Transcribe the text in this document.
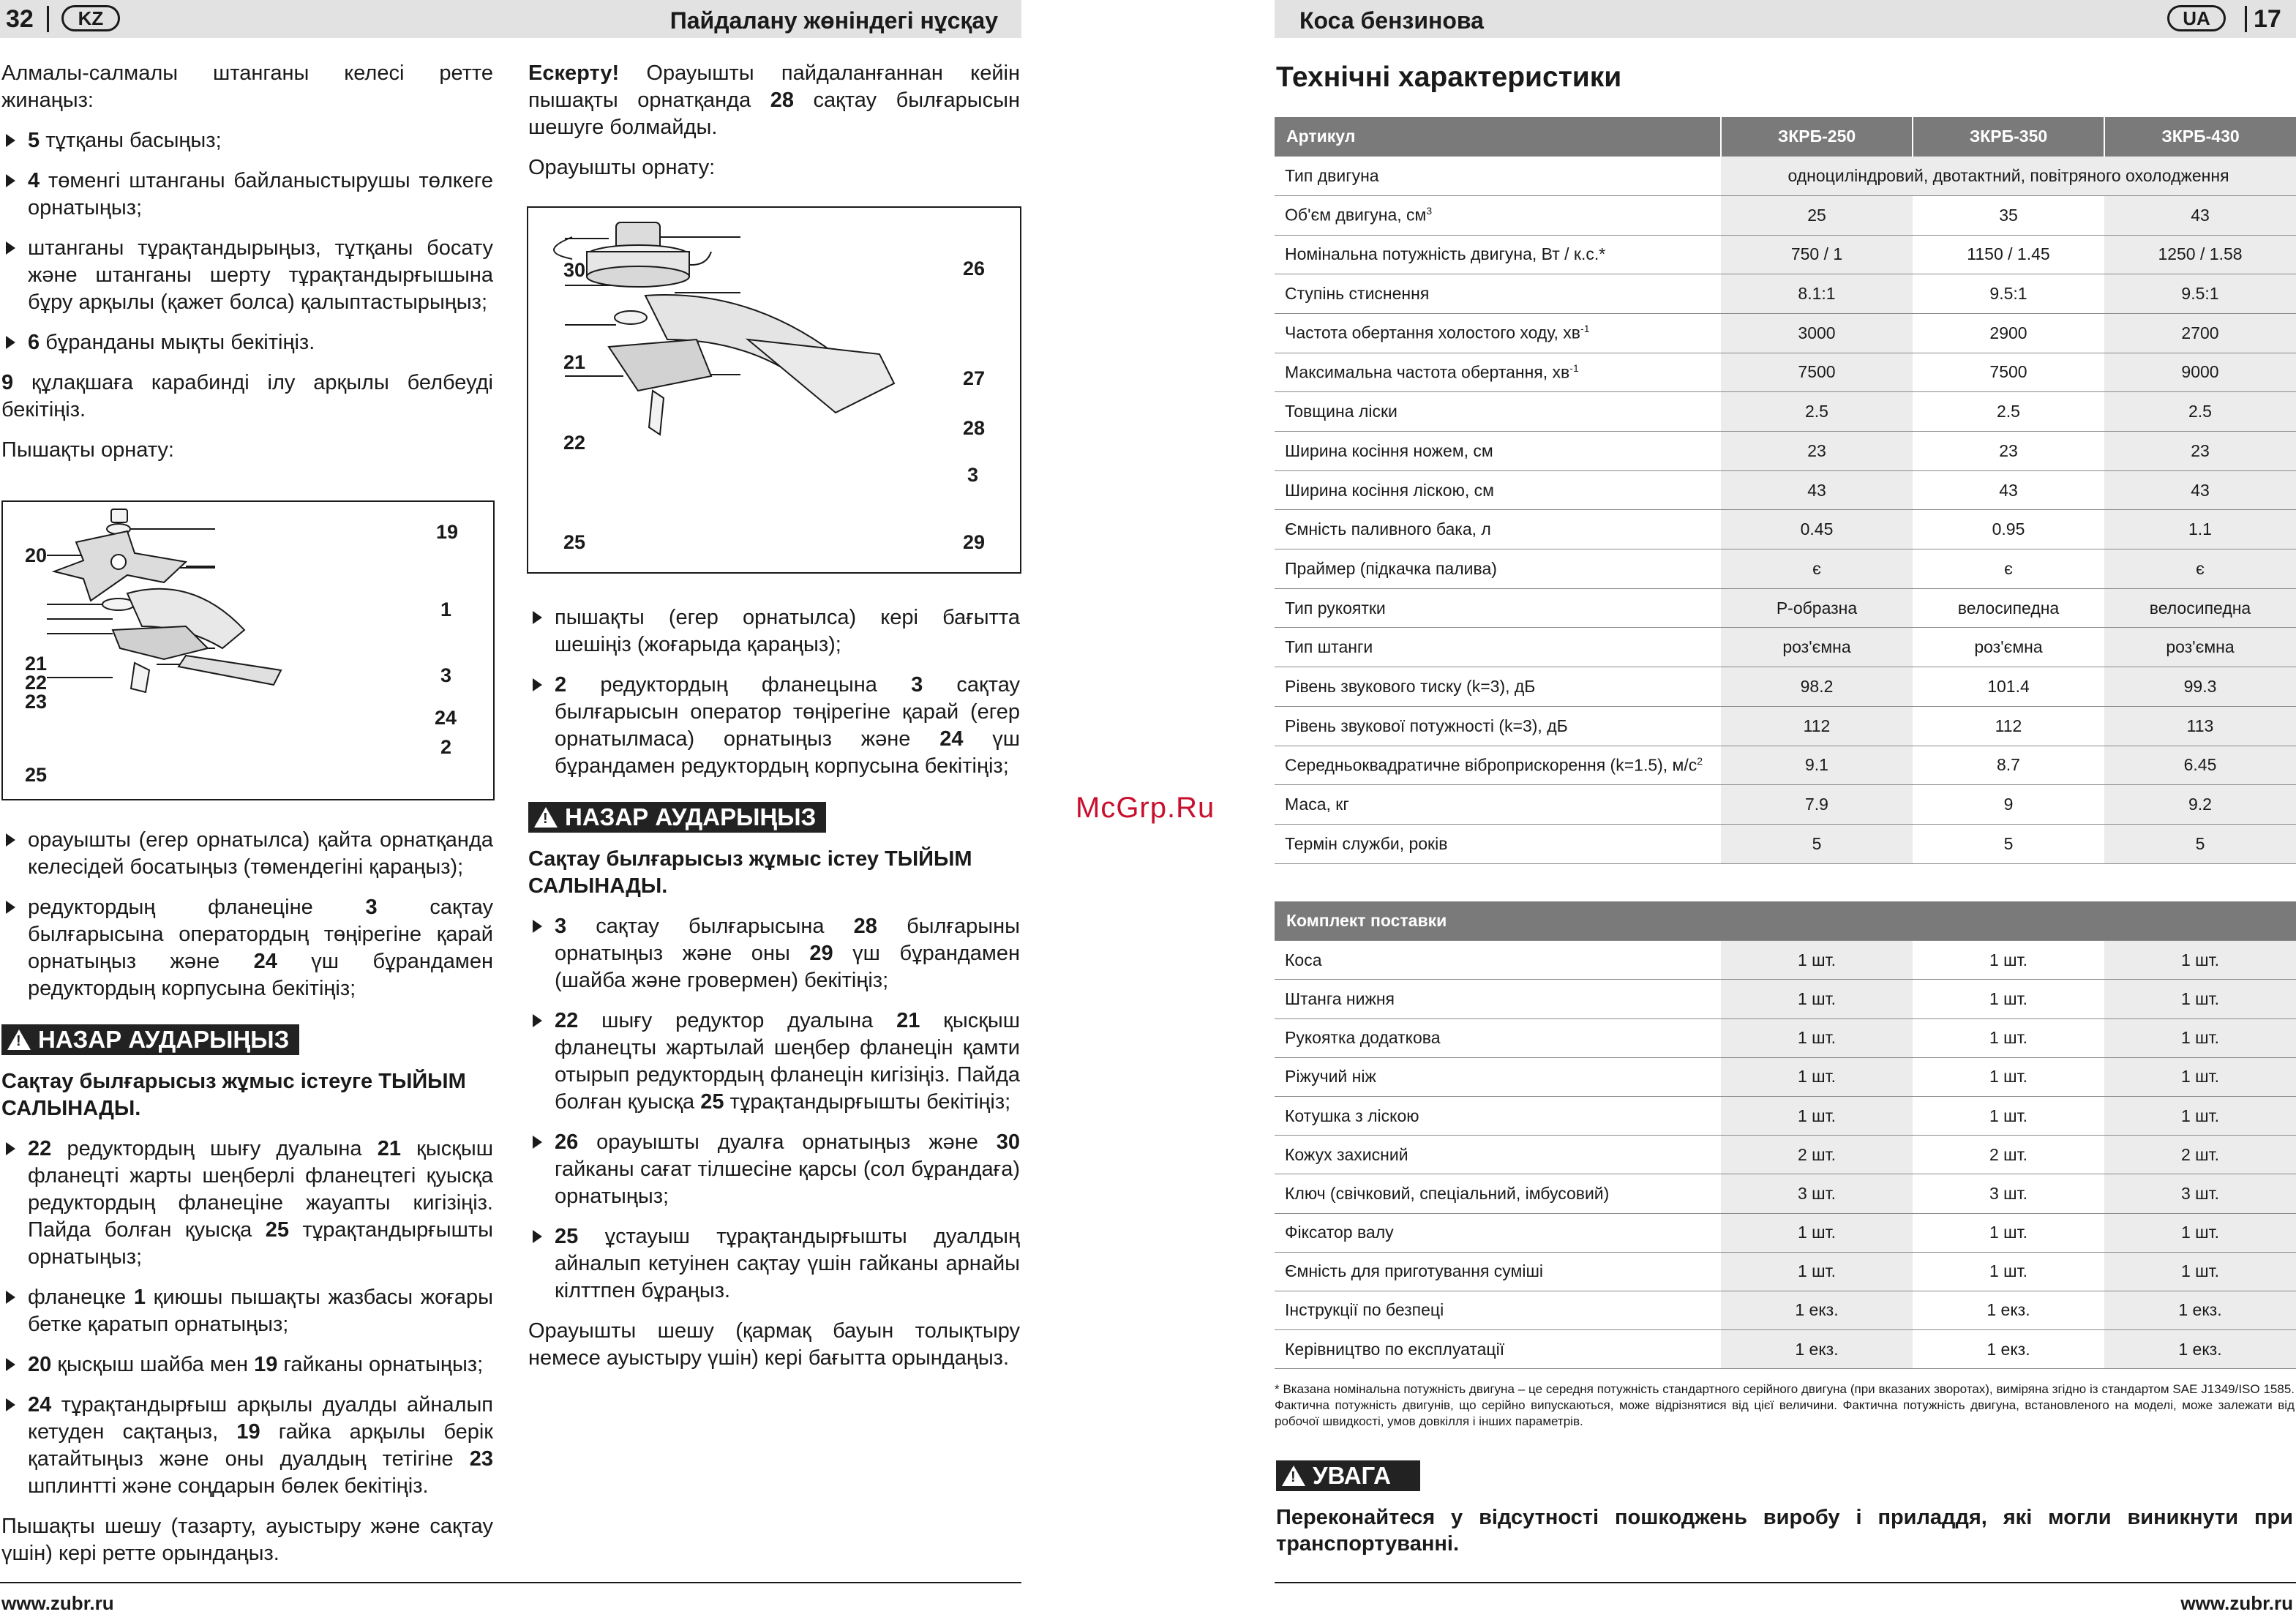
32	KZ	Пайдалану жөніндегі нұсқау

Алмалы-салмалы штанганы келесі ретте жинаңыз:

5 тұтқаны басыңыз;

4 төменгі штанганы байланыстырушы төлкеге орнатыңыз;

штанганы тұрақтандырыңыз, тұтқаны босату және штанганы шерту тұрақтандырғышына бұру арқылы (қажет болса) қалыптастырыңыз;

6 бұранданы мықты бекітіңіз.

9 құлақшаға карабинді ілу арқылы белбеуді бекітіңіз.

Пышақты орнату:

20
19
1
21
22
23
3
24
2
25

орауышты (егер орнатылса) қайта орнатқанда келесідей босатыңыз (төмендегіні қараңыз);

редуктордың фланеціне 3 сақтау былғарысына оператордың төңірегіне қарай орнатыңыз және 24 үш бұрандамен редуктордың корпусына бекітіңіз;

! НАЗАР АУДАРЫҢЫЗ

Сақтау былғарысыз жұмыс істеуге ТЫЙЫМ САЛЫНАДЫ.

22 редуктордың шығу дуалына 21 қысқыш фланецті жарты шеңберлі фланецтегі қуысқа редуктордың фланеціне жауапты кигізіңіз. Пайда болған қуысқа 25 тұрақтандырғышты орнатыңыз;

фланецке 1 қиюшы пышақты жазбасы жоғары бетке қаратып орнатыңыз;

20 қысқыш шайба мен 19 гайканы орнатыңыз;

24 тұрақтандырғыш арқылы дуалды айналып кетуден сақтаңыз, 19 гайка арқылы берік қатайтыңыз және оны дуалдың тетігіне 23 шплинтті және соңдарын бөлек бекітіңіз.

Пышақты шешу (тазарту, ауыстыру және сақтау үшін) кері ретте орындаңыз.

Ескерту! Орауышты пайдаланғаннан кейін пышақты орнатқанда 28 сақтау былғарысын шешуге болмайды.

Орауышты орнату:

30	26
21
27
22
28
3
25	29

пышақты (егер орнатылса) кері бағытта шешіңіз (жоғарыда қараңыз);

2 редуктордың фланецына 3 сақтау былғарысын оператор төңірегіне қарай (егер орнатылмаса) орнатыңыз және 24 үш бұрандамен редуктордың корпусына бекітіңіз;

! НАЗАР АУДАРЫҢЫЗ

Сақтау былғарысыз жұмыс істеу ТЫЙЫМ САЛЫНАДЫ.

3 сақтау былғарысына 28 былғарыны орнатыңыз және оны 29 үш бұрандамен (шайба және гровермен) бекітіңіз;

22 шығу редуктор дуалына 21 қысқыш фланецты жартылай шеңбер фланецін қамти отырып редуктордың фланецін кигізіңіз. Пайда болған қуысқа 25 тұрақтандырғышты бекітіңіз;

26 орауышты дуалға орнатыңыз және 30 гайканы сағат тілшесіне қарсы (сол бұрандаға) орнатыңыз;

25 ұстауыш тұрақтандырғышты дуалдың айналып кетуінен сақтау үшін гайканы арнайы кілттпен бұраңыз.

Орауышты шешу (қармақ бауын толықтыру немесе ауыстыру үшін) кері бағытта орындаңыз.

www.zubr.ru
McGrp.Ru
Коса бензинова	UA	17
Технічні характеристики
Артикул	ЗКРБ-250	ЗКРБ-350	ЗКРБ-430
Тип двигуна	одноциліндровий, двотактний, повітряного охолодження		
Об'єм двигуна, $см^3$	25	35	43
Номінальна потужність двигуна, Вт / к.с.*	750 / 1	1150 / 1.45	1250 / 1.58
Ступінь стиснення	8.1:1	9.5:1	9.5:1
Частота обертання холостого ходу, $хв^{-1}$	3000	2900	2700
Максимальна частота обертання, $хв^{-1}$	7500	7500	9000
Товщина ліски	2.5	2.5	2.5
Ширина косіння ножем, см	23	23	23
Ширина косіння ліскою, см	43	43	43
Ємність паливного бака, л	0.45	0.95	1.1
Праймер (підкачка палива)	є	є	є
Тип рукоятки	Р-образна	велосипедна	велосипедна
Тип штанги	роз'ємна	роз'ємна	роз'ємна
Рівень звукового тиску (k=3), дБ	98.2	101.4	99.3
Рівень звукової потужності (k=3), дБ	112	112	113
Середньоквадратичне віброприскорення (k=1.5), $м/с^2$	9.1	8.7	6.45
Маса, кг	7.9	9	9.2
Термін служби, років	5	5	5
Комплект поставки			
Коса	1 шт.	1 шт.	1 шт.
Штанга нижня	1 шт.	1 шт.	1 шт.
Рукоятка додаткова	1 шт.	1 шт.	1 шт.
Ріжучий ніж	1 шт.	1 шт.	1 шт.
Котушка з ліскою	1 шт.	1 шт.	1 шт.
Кожух захисний	2 шт.	2 шт.	2 шт.
Ключ (свічковий, спеціальний, імбусовий)	3 шт.	3 шт.	3 шт.
Фіксатор валу	1 шт.	1 шт.	1 шт.
Ємність для приготування суміші	1 шт.	1 шт.	1 шт.
Інструкції по безпеці	1 екз.	1 екз.	1 екз.
Керівництво по експлуатації	1 екз.	1 екз.	1 екз.
* Вказана номінальна потужність двигуна – це середня потужність стандартного серійного двигуна (при вказаних зворотах), виміряна згідно із стандартом SAE J1349/ISO 1585. Фактична потужність двигунів, що серійно випускаються, може відрізнятися від цієї величини. Фактична потужність двигуна, встановленого на моделі, може залежати від робочої швидкості, умов довкілля і інших параметрів.
! УВАГА
Переконайтеся у відсутності пошкоджень виробу і приладдя, які могли виникнути при транспортуванні.
www.zubr.ru
